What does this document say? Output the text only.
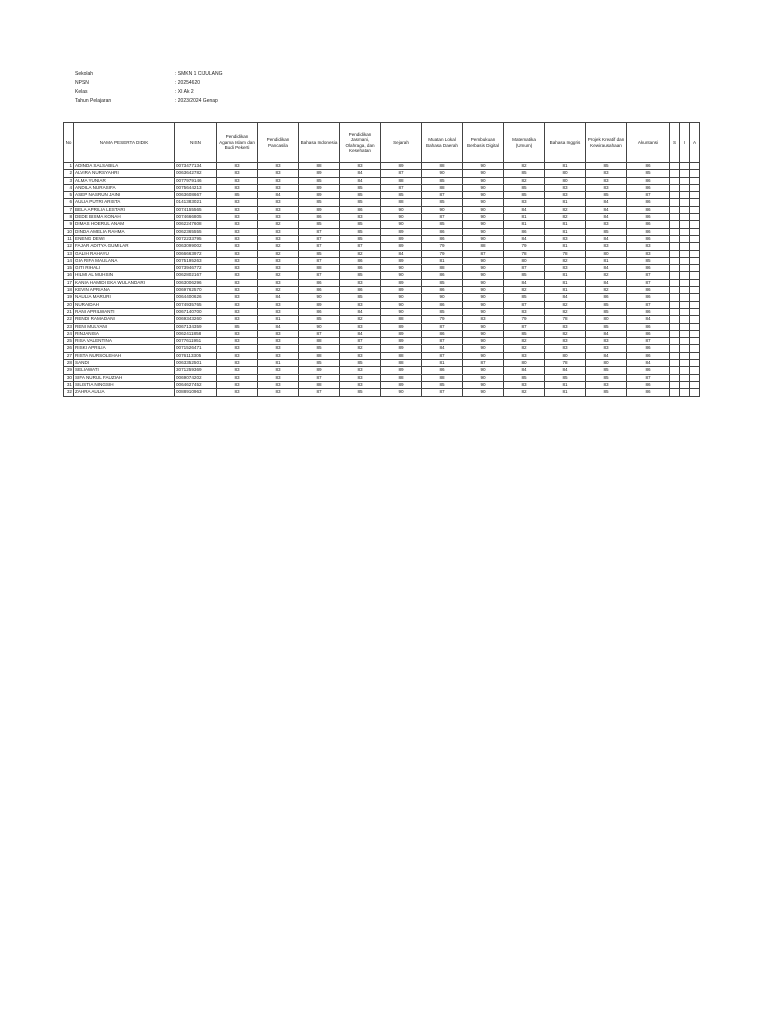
Sekolah	: SMKN 1 CIJULANG
NPSN	: 20254620
Kelas	: XI Ak 2
Tahun Pelajaran	: 2023/2024 Genap
No	NAMA PESERTA DIDIK	NISN	Pendidikan Agama Islam dan Budi Pekerti	Pendidikan Pancasila	Bahasa Indonesia	Pendidikan Jasmani, Olahraga, dan Kesehatan	Sejarah	Muatan Lokal Bahasa Daerah	Pembukuan Berbasis Digital	Matematika (Umum)	Bahasa Inggris	Projek Kreatif dan Kewirausahaan	Akuntansi	S	I	A
1	ADINDA SALSABILA	0073477134	83	83	88	83	89	88	90	82	81	85	86			
2	ALVIRA NURSYAHRI	0063642782	83	83	89	84	87	90	90	85	80	83	85			
3	ALMA YUNIAR	0077979146	83	83	85	84	88	85	90	82	80	83	86			
4	ANDILA NURASIFA	0075644213	83	83	89	85	87	88	90	85	83	83	86			
5	ASEP NASRUN JAINI	0063608667	85	84	89	85	85	87	90	85	83	85	87			
6	AULIA PUTRI ARISTA	0141383021	83	83	85	85	88	85	90	83	81	84	86			
7	BELA APRILIA LESTARI	0074155565	83	83	89	86	90	90	90	84	82	84	86			
8	DEDE BISMA KONAH	0074666805	83	83	86	83	90	87	90	81	82	84	86			
9	DIMAS HOERUL ANAM	0062247608	83	82	85	85	90	85	90	81	81	83	86			
10	DINDA AMELIA RAHMA	0062365555	83	83	87	85	89	86	90	86	81	85	86			
11	ENENG DEWI	0072233795	83	83	87	85	89	86	90	84	83	84	86			
12	FAJAR ADITYA GUMILAR	0063099002	83	82	87	87	89	79	88	79	81	83	83			
13	GALIH RAHAYU	0066663972	83	82	85	82	84	79	87	78	78	80	83			
14	GIA RIFA MAULANA	0075195263	83	83	87	86	89	81	90	80	82	81	85			
15	GITI RIHALI	0073946772	83	83	88	86	90	88	90	87	83	84	86			
16	HILMI AL MUHSIN	0062802167	83	82	87	85	90	86	90	85	81	82	87			
17	KANIA HAMIDI EKA WULANDARI	0063006296	83	83	86	83	89	85	90	84	81	84	87			
18	KEVIN APRIANA	0069762570	83	82	86	86	89	86	90	82	81	82	86			
19	NAULIA MARURI	0064400626	83	84	90	85	90	90	90	85	84	86	86			
20	NURAIDAH	0074935765	83	83	89	83	90	86	90	87	82	85	87			
21	RANI APRILWANTI	0067140700	83	83	86	84	90	85	90	83	82	85	86			
22	RENDI RAMADANI	0069343260	83	81	85	82	88	79	83	79	78	80	84			
23	RENI MULYANI	0067134359	85	84	90	83	89	87	90	87	83	85	86			
24	RINJANISA	0062411858	83	83	87	84	89	86	90	85	82	84	86			
25	RISA VALENTINA	0077611951	83	83	88	87	89	87	90	82	83	83	87			
26	RISKI APRILIA	0071526471	83	83	85	82	89	84	90	82	83	83	86			
27	RISTA NURSOLEHAH	0076113305	83	83	88	83	88	87	90	83	80	84	86			
28	SANDI	0063352501	83	81	85	85	88	81	87	80	78	80	84			
29	SELIAWATI	3071259369	83	83	89	83	89	86	90	84	84	85	86			
30	SIFA NURUL FAUZIAH	0069074202	83	83	87	83	88	88	90	85	85	85	87			
31	SILISTIA NINGSIH	0064627452	83	83	88	83	89	85	90	83	81	83	86			
32	ZAHRA AULIA	0088910963	83	83	87	85	90	87	90	82	81	85	86			
